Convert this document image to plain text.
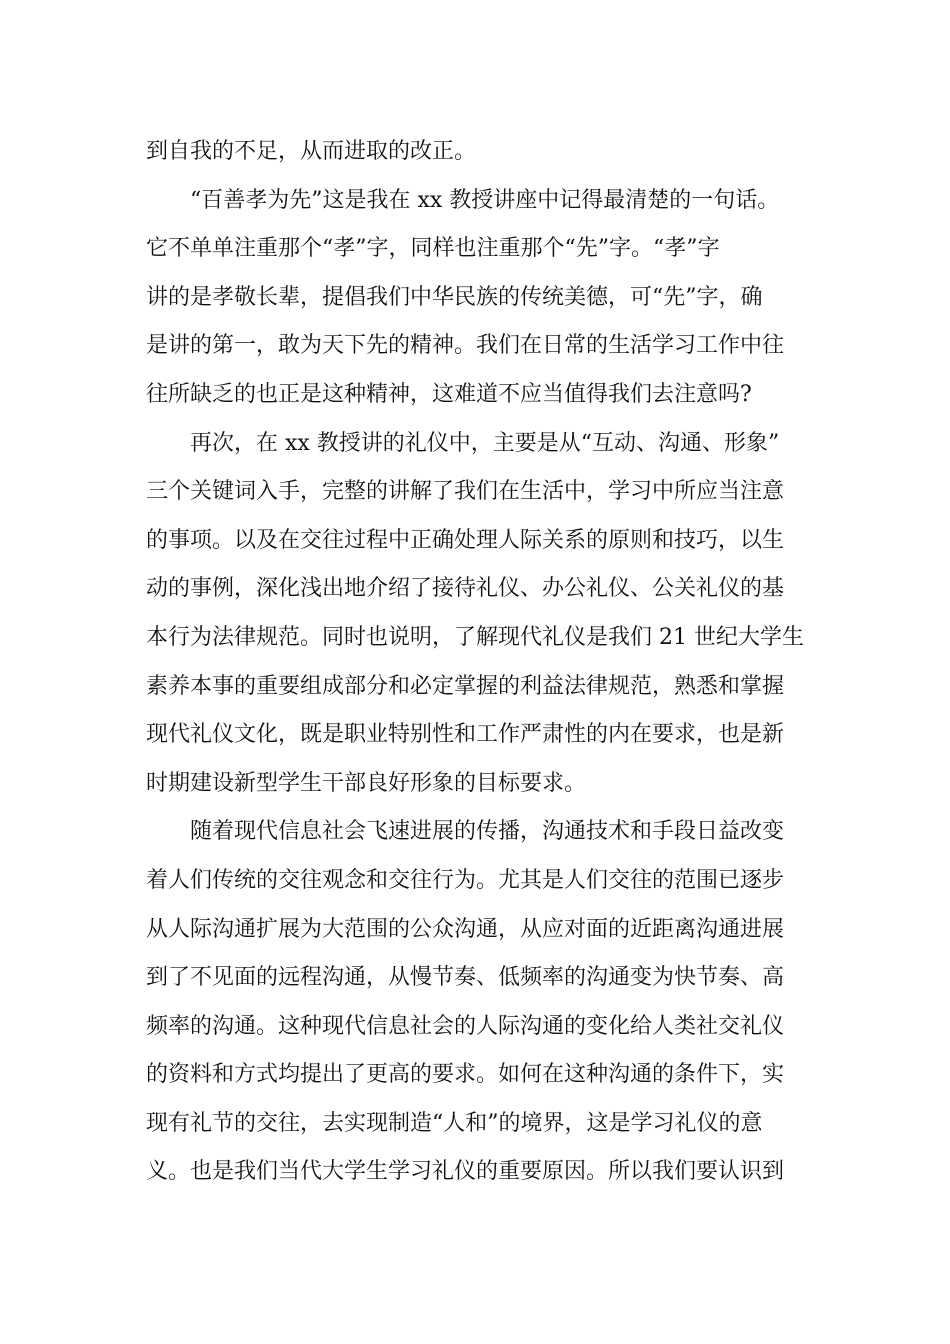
到自我的不足，从而进取的改正。
“百善孝为先”这是我在 xx 教授讲座中记得最清楚的一句话。
它不单单注重那个“孝”字，同样也注重那个“先”字。“孝”字
讲的是孝敬长辈，提倡我们中华民族的传统美德，可“先”字，确
是讲的第一，敢为天下先的精神。我们在日常的生活学习工作中往
往所缺乏的也正是这种精神，这难道不应当值得我们去注意吗?
再次，在 xx 教授讲的礼仪中，主要是从“互动、沟通、形象”
三个关键词入手，完整的讲解了我们在生活中，学习中所应当注意
的事项。以及在交往过程中正确处理人际关系的原则和技巧，以生
动的事例，深化浅出地介绍了接待礼仪、办公礼仪、公关礼仪的基
本行为法律规范。同时也说明，了解现代礼仪是我们 21 世纪大学生
素养本事的重要组成部分和必定掌握的利益法律规范，熟悉和掌握
现代礼仪文化，既是职业特别性和工作严肃性的内在要求，也是新
时期建设新型学生干部良好形象的目标要求。
随着现代信息社会飞速进展的传播，沟通技术和手段日益改变
着人们传统的交往观念和交往行为。尤其是人们交往的范围已逐步
从人际沟通扩展为大范围的公众沟通，从应对面的近距离沟通进展
到了不见面的远程沟通，从慢节奏、低频率的沟通变为快节奏、高
频率的沟通。这种现代信息社会的人际沟通的变化给人类社交礼仪
的资料和方式均提出了更高的要求。如何在这种沟通的条件下，实
现有礼节的交往，去实现制造“人和”的境界，这是学习礼仪的意
义。也是我们当代大学生学习礼仪的重要原因。所以我们要认识到
